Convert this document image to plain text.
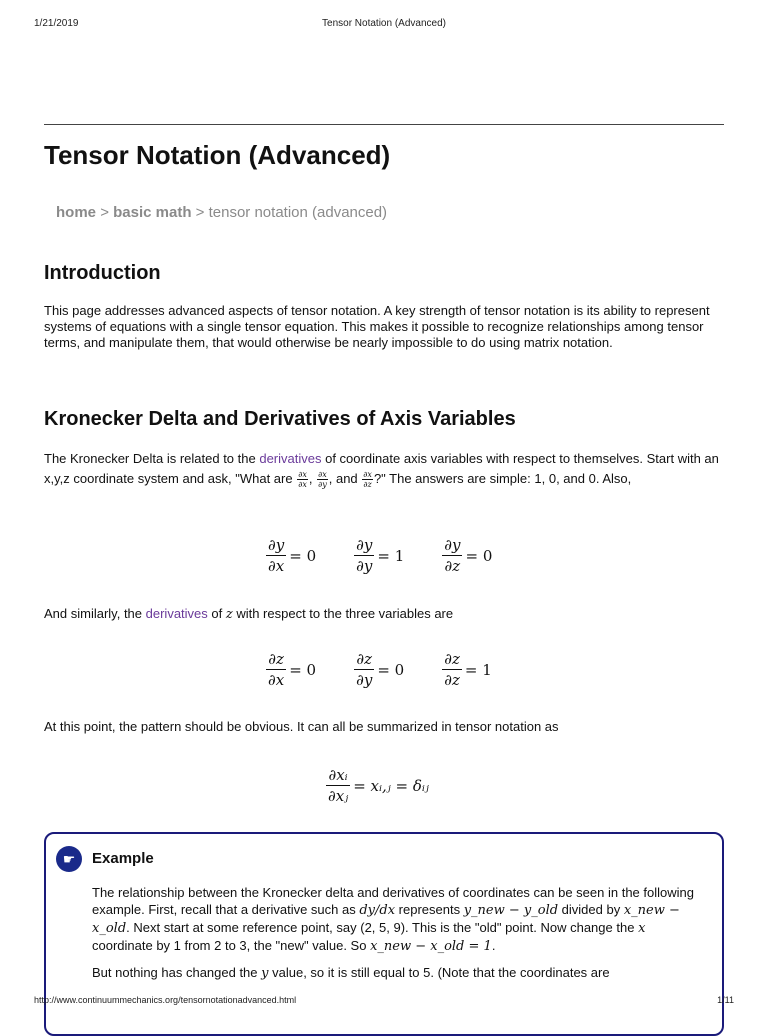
1/21/2019	Tensor Notation (Advanced)
Tensor Notation (Advanced)
home > basic math > tensor notation (advanced)
Introduction
This page addresses advanced aspects of tensor notation. A key strength of tensor notation is its ability to represent systems of equations with a single tensor equation. This makes it possible to recognize relationships among tensor terms, and manipulate them, that would otherwise be nearly impossible to do using matrix notation.
Kronecker Delta and Derivatives of Axis Variables
The Kronecker Delta is related to the derivatives of coordinate axis variables with respect to themselves. Start with an x,y,z coordinate system and ask, "What are $\frac{\partial x}{\partial x}$ , $\frac{\partial x}{\partial y}$ , and $\frac{\partial x}{\partial z}$ ?" The answers are simple: 1, 0, and 0. Also,
$\frac{\partial y}{\partial x} = 0$	$\frac{\partial y}{\partial y} = 1$	$\frac{\partial y}{\partial z} = 0$
And similarly, the derivatives of z with respect to the three variables are
$\frac{\partial z}{\partial x} = 0$	$\frac{\partial z}{\partial y} = 0$	$\frac{\partial z}{\partial z} = 1$
At this point, the pattern should be obvious. It can all be summarized in tensor notation as
$\frac{\text{∂xᵢ}}{\text{∂xⱼ}}$ = xᵢ,ⱼ = δᵢⱼ
☛	Example
The relationship between the Kronecker delta and derivatives of coordinates can be seen in the following example. First, recall that a derivative such as dy/dx represents y_new − y_old divided by x_new − x_old. Next start at some reference point, say (2, 5, 9). This is the "old" point. Now change the x coordinate by 1 from 2 to 3, the "new" value. So x_new − x_old = 1.
But nothing has changed the y value, so it is still equal to 5. (Note that the coordinates are
http://www.continuummechanics.org/tensornotationadvanced.html	1/11
